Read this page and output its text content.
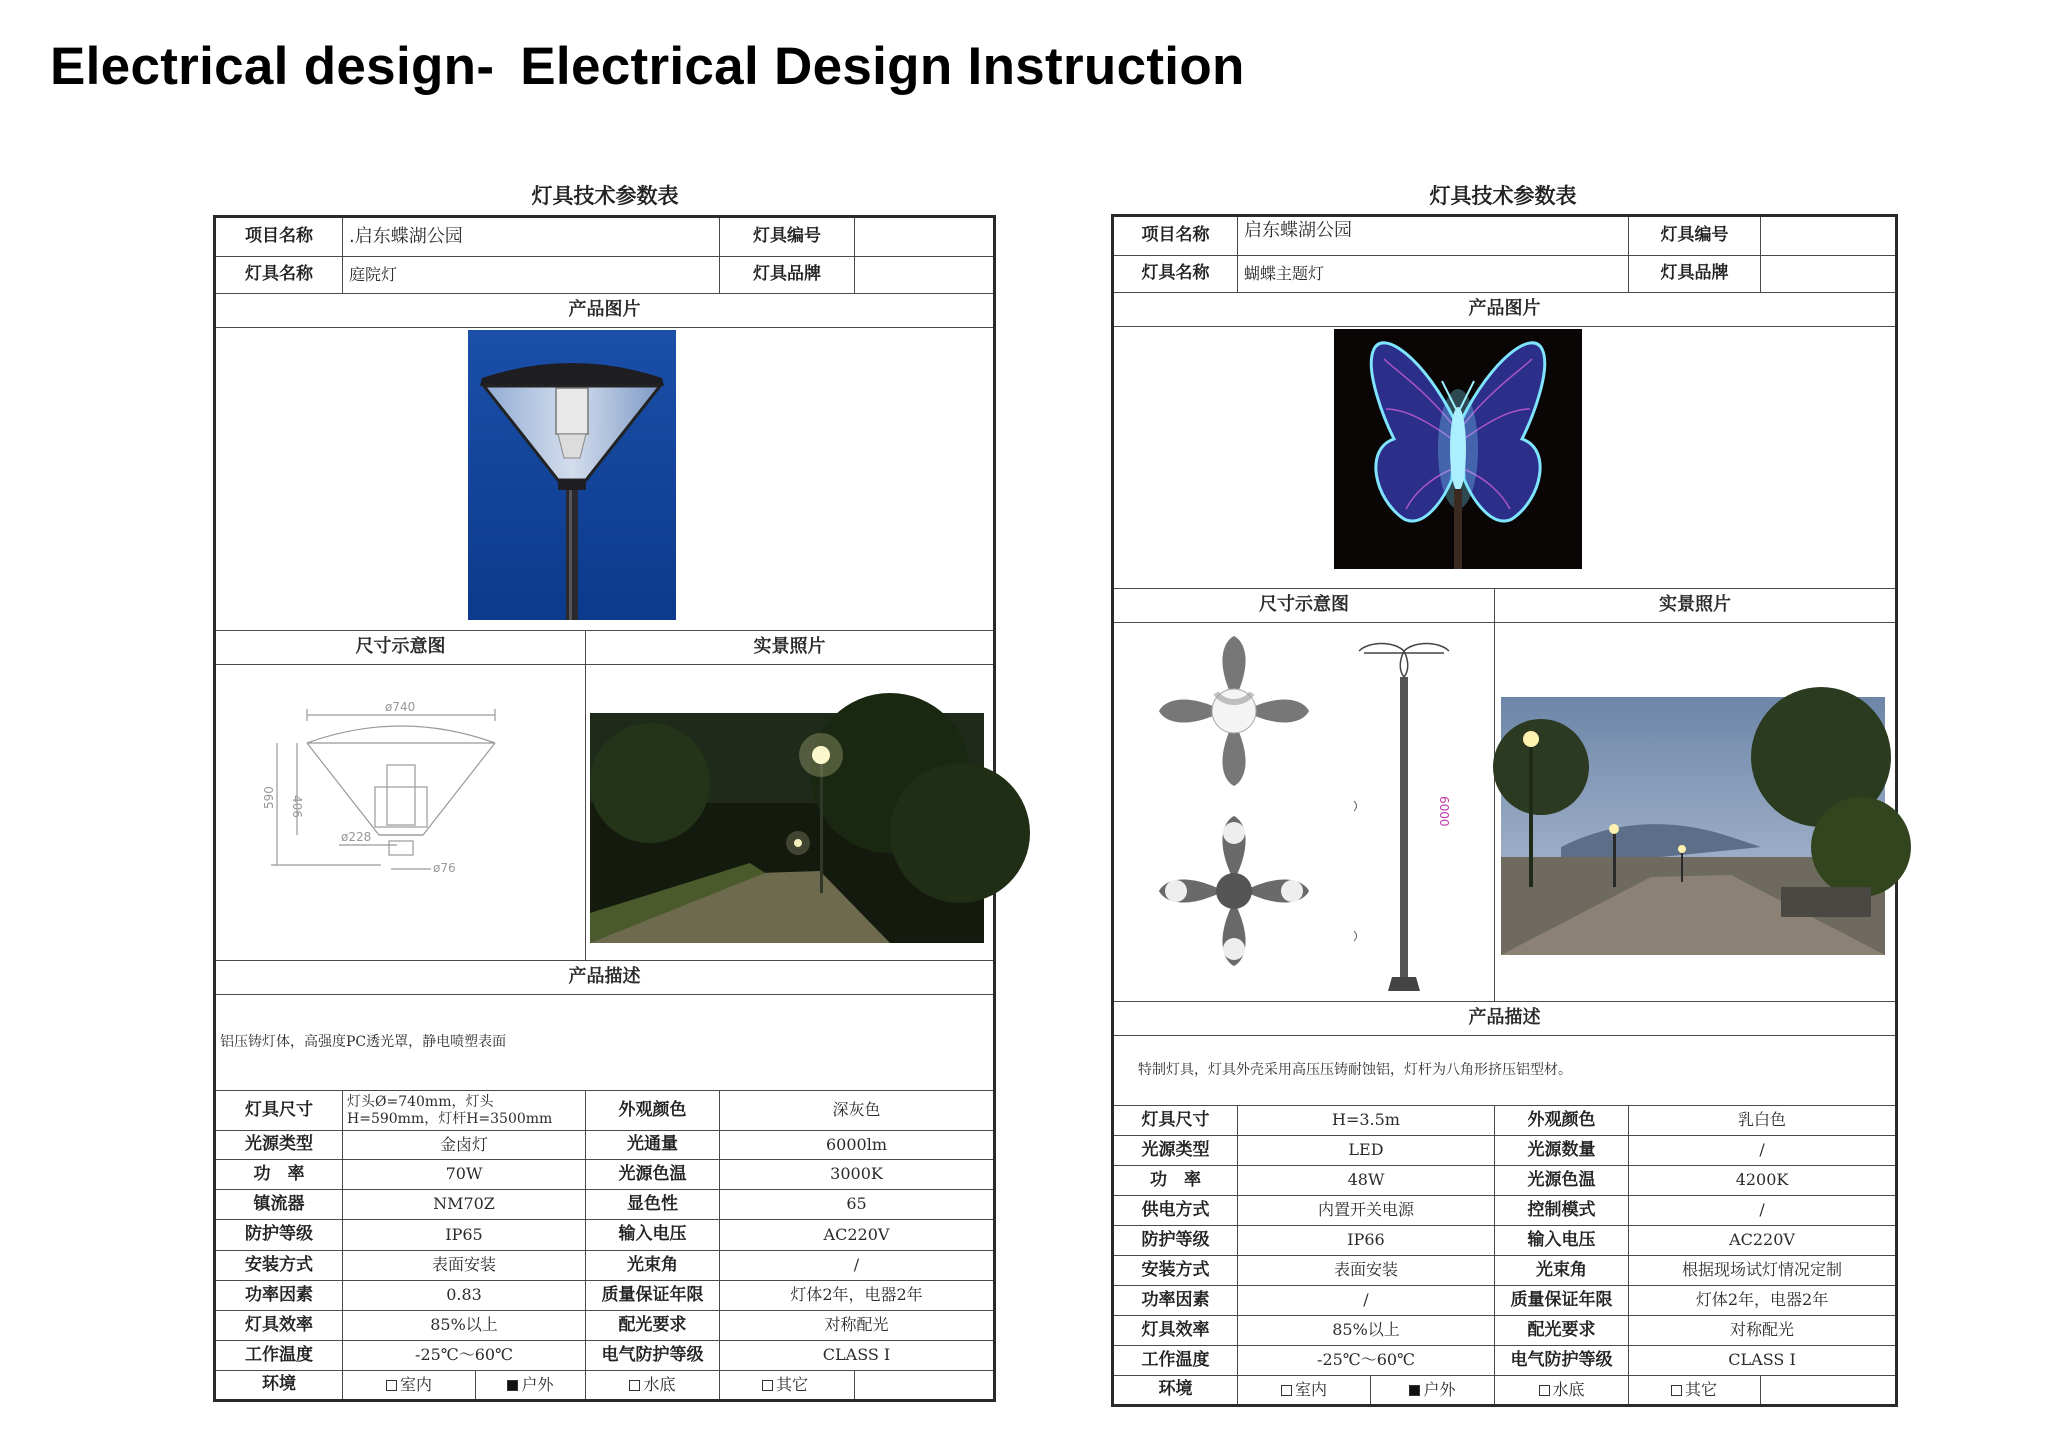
Electrical design- Electrical Design Instruction
灯具技术参数表
项目名称	.启东蝶湖公园			灯具编号	
灯具名称	庭院灯			灯具品牌	
产品图片					

尺寸示意图			实景照片		

ø740
590 406
ø228
ø76

产品描述					
铝压铸灯体，高强度PC透光罩，静电喷塑表面					
灯具尺寸	灯头Ø=740mm，灯头H=590mm，灯杆H=3500mm		外观颜色	深灰色	
光源类型	金卤灯		光通量	6000lm	
功　率	70W		光源色温	3000K	
镇流器	NM70Z		显色性	65	
防护等级	IP65		输入电压	AC220V	
安装方式	表面安装		光束角	/	
功率因素	0.83		质量保证年限	灯体2年，电器2年	
灯具效率	85%以上		配光要求	对称配光	
工作温度	-25℃～60℃		电气防护等级	CLASS Ⅰ	
环境	室内	户外	水底	其它	
灯具技术参数表
项目名称	启东蝶湖公园			灯具编号	
灯具名称	蝴蝶主题灯			灯具品牌	
产品图片					

尺寸示意图			实景照片		

6000

产品描述					
特制灯具，灯具外壳采用高压压铸耐蚀铝，灯杆为八角形挤压铝型材。					
灯具尺寸	H=3.5m		外观颜色	乳白色	
光源类型	LED		光源数量	/	
功　率	48W		光源色温	4200K	
供电方式	内置开关电源		控制模式	/	
防护等级	IP66		输入电压	AC220V	
安装方式	表面安装		光束角	根据现场试灯情况定制	
功率因素	/		质量保证年限	灯体2年，电器2年	
灯具效率	85%以上		配光要求	对称配光	
工作温度	-25℃～60℃		电气防护等级	CLASS Ⅰ	
环境	室内	户外	水底	其它	
